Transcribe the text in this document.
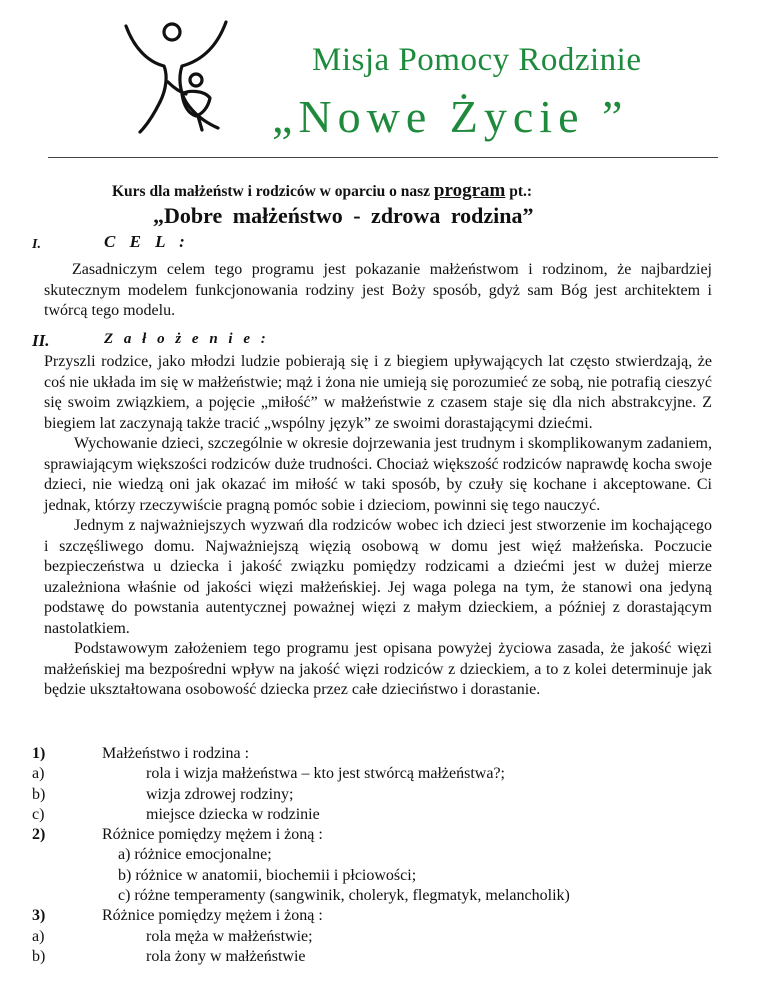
Misja Pomocy Rodzinie
„Nowe Życie ”
Kurs dla małżeństw i rodziców w oparciu o nasz program pt.:
„Dobre małżeństwo - zdrowa rodzina”
I.	C E L :

Zasadniczym celem tego programu jest pokazanie małżeństwom i rodzinom, że najbardziej skutecznym modelem funkcjonowania rodziny jest Boży sposób, gdyż sam Bóg jest architektem i twórcą tego modelu.

II.	Z a ł o ż e n i e :

Przyszli rodzice, jako młodzi ludzie pobierają się i z biegiem upływających lat często stwierdzają, że coś nie układa im się w małżeństwie; mąż i żona nie umieją się porozumieć ze sobą, nie potrafią cieszyć się swoim związkiem, a pojęcie „miłość” w małżeństwie z czasem staje się dla nich abstrakcyjne. Z biegiem lat zaczynają także tracić „wspólny język” ze swoimi dorastającymi dziećmi.

Wychowanie dzieci, szczególnie w okresie dojrzewania jest trudnym i skomplikowanym zadaniem, sprawiającym większości rodziców duże trudności. Chociaż większość rodziców naprawdę kocha swoje dzieci, nie wiedzą oni jak okazać im miłość w taki sposób, by czuły się kochane i akceptowane. Ci jednak, którzy rzeczywiście pragną pomóc sobie i dzieciom, powinni się tego nauczyć.

Jednym z najważniejszych wyzwań dla rodziców wobec ich dzieci jest stworzenie im kochającego i szczęśliwego domu. Najważniejszą więzią osobową w domu jest więź małżeńska. Poczucie bezpieczeństwa u dziecka i jakość związku pomiędzy rodzicami a dziećmi jest w dużej mierze uzależniona właśnie od jakości więzi małżeńskiej. Jej waga polega na tym, że stanowi ona jedyną podstawę do powstania autentycznej poważnej więzi z małym dzieckiem, a później z dorastającym nastolatkiem.

Podstawowym założeniem tego programu jest opisana powyżej życiowa zasada, że jakość więzi małżeńskiej ma bezpośredni wpływ na jakość więzi rodziców z dzieckiem, a to z kolei determinuje jak będzie ukształtowana osobowość dziecka przez całe dzieciństwo i dorastanie.

1)	Małżeństwo i rodzina :
a)	rola i wizja małżeństwa – kto jest stwórcą małżeństwa?;
b)	wizja zdrowej rodziny;
c)	miejsce dziecka w rodzinie
2)	Różnice pomiędzy mężem i żoną :
a) różnice emocjonalne;
b) różnice w anatomii, biochemii i płciowości;
c) różne temperamenty (sangwinik, choleryk, flegmatyk, melancholik)
3)	Różnice pomiędzy mężem i żoną :
a)	rola męża w małżeństwie;
b)	rola żony w małżeństwie
